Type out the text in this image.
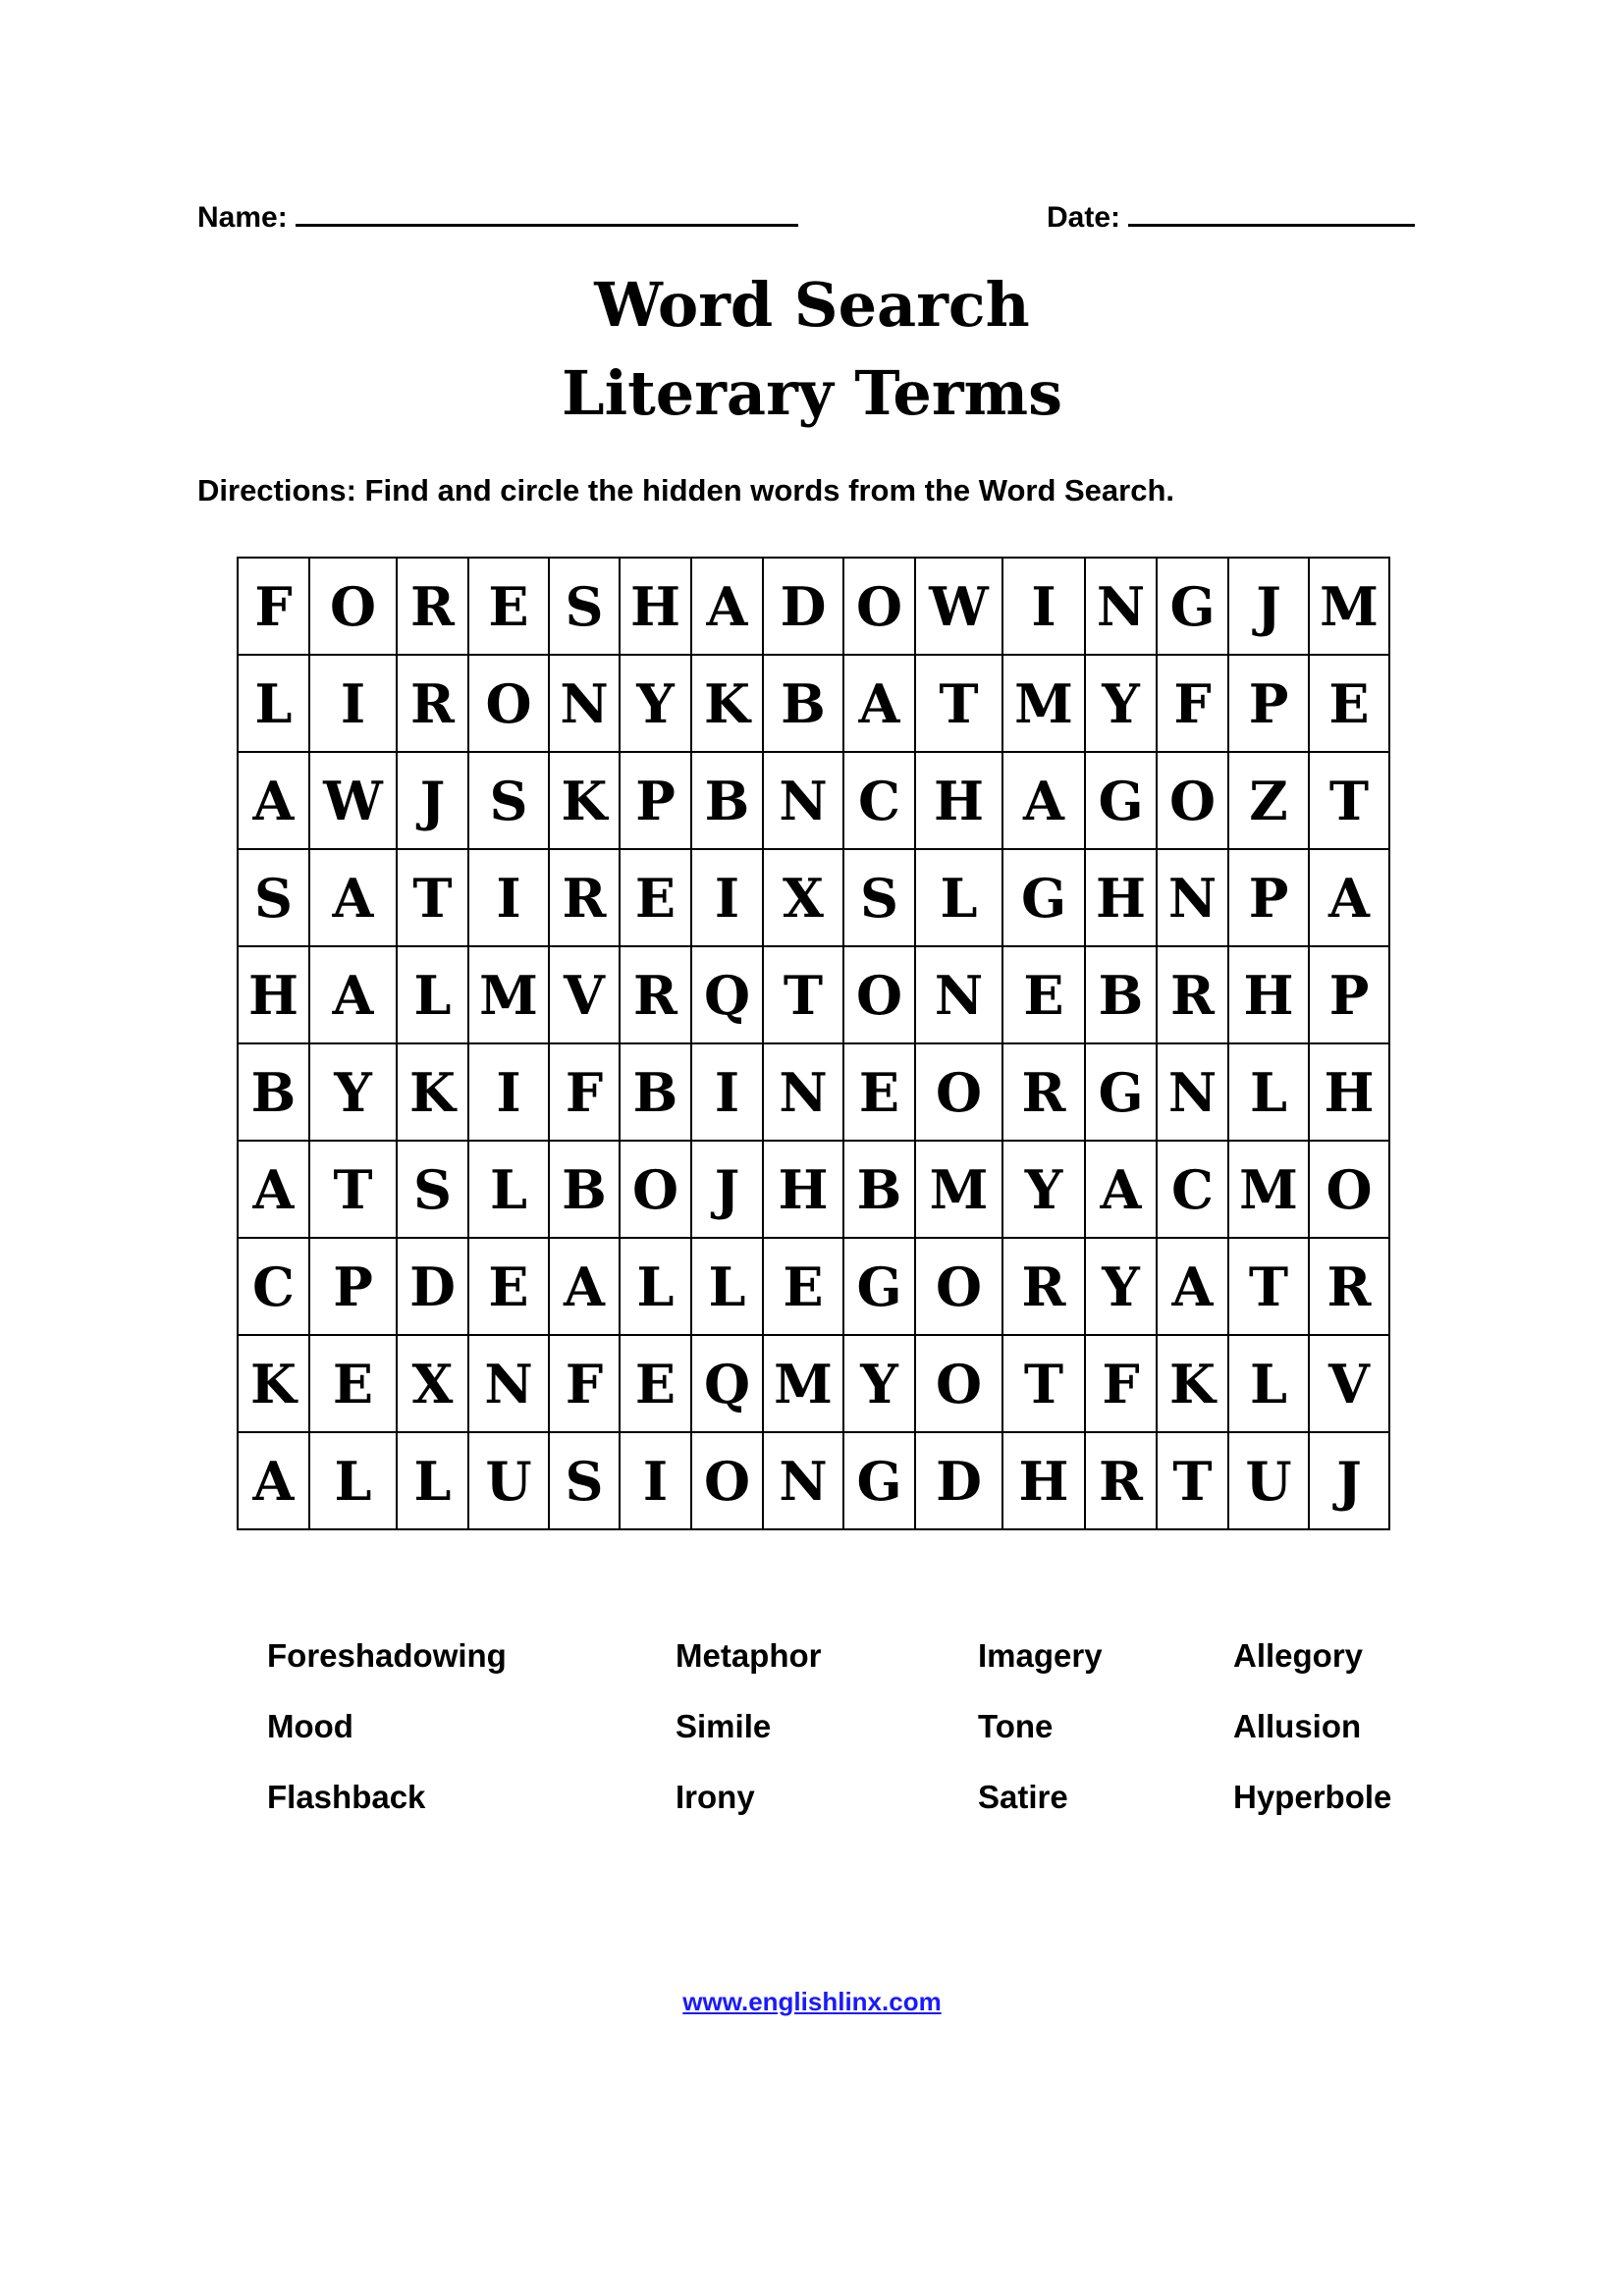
Name:	Date:
Word Search
Literary Terms
Directions: Find and circle the hidden words from the Word Search.
F	O	R	E	S	H	A	D	O	W	I	N	G	J	M
L	I	R	O	N	Y	K	B	A	T	M	Y	F	P	E
A	W	J	S	K	P	B	N	C	H	A	G	O	Z	T
S	A	T	I	R	E	I	X	S	L	G	H	N	P	A
H	A	L	M	V	R	Q	T	O	N	E	B	R	H	P
B	Y	K	I	F	B	I	N	E	O	R	G	N	L	H
A	T	S	L	B	O	J	H	B	M	Y	A	C	M	O
C	P	D	E	A	L	L	E	G	O	R	Y	A	T	R
K	E	X	N	F	E	Q	M	Y	O	T	F	K	L	V
A	L	L	U	S	I	O	N	G	D	H	R	T	U	J
Foreshadowing	Metaphor	Imagery	Allegory
Mood	Simile	Tone	Allusion
Flashback	Irony	Satire	Hyperbole
www.englishlinx.com
